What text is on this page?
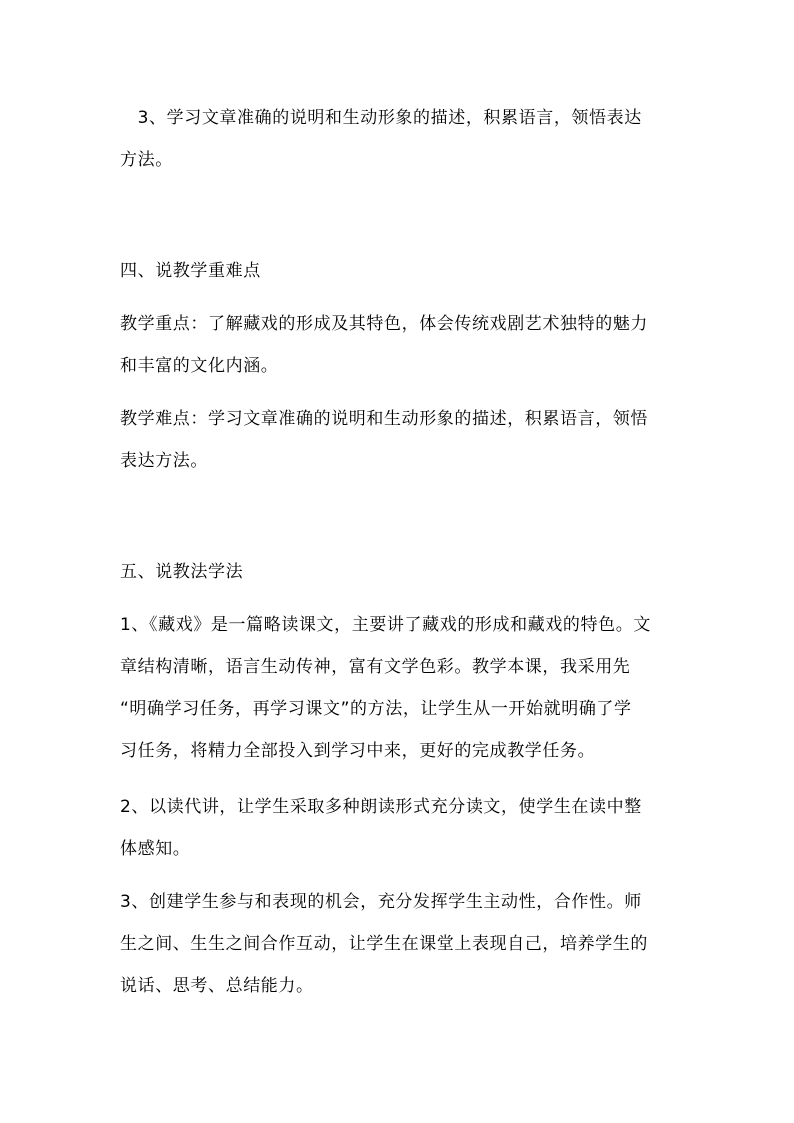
　3、学习文章准确的说明和生动形象的描述，积累语言，领悟表达
方法。

四、说教学重难点

教学重点：了解藏戏的形成及其特色，体会传统戏剧艺术独特的魅力
和丰富的文化内涵。

教学难点：学习文章准确的说明和生动形象的描述，积累语言，领悟
表达方法。

五、说教法学法

1、《藏戏》是一篇略读课文，主要讲了藏戏的形成和藏戏的特色。文
章结构清晰，语言生动传神，富有文学色彩。教学本课，我采用先
“明确学习任务，再学习课文”的方法，让学生从一开始就明确了学
习任务，将精力全部投入到学习中来，更好的完成教学任务。

2、以读代讲，让学生采取多种朗读形式充分读文，使学生在读中整
体感知。

3、创建学生参与和表现的机会，充分发挥学生主动性，合作性。师
生之间、生生之间合作互动，让学生在课堂上表现自己，培养学生的
说话、思考、总结能力。
